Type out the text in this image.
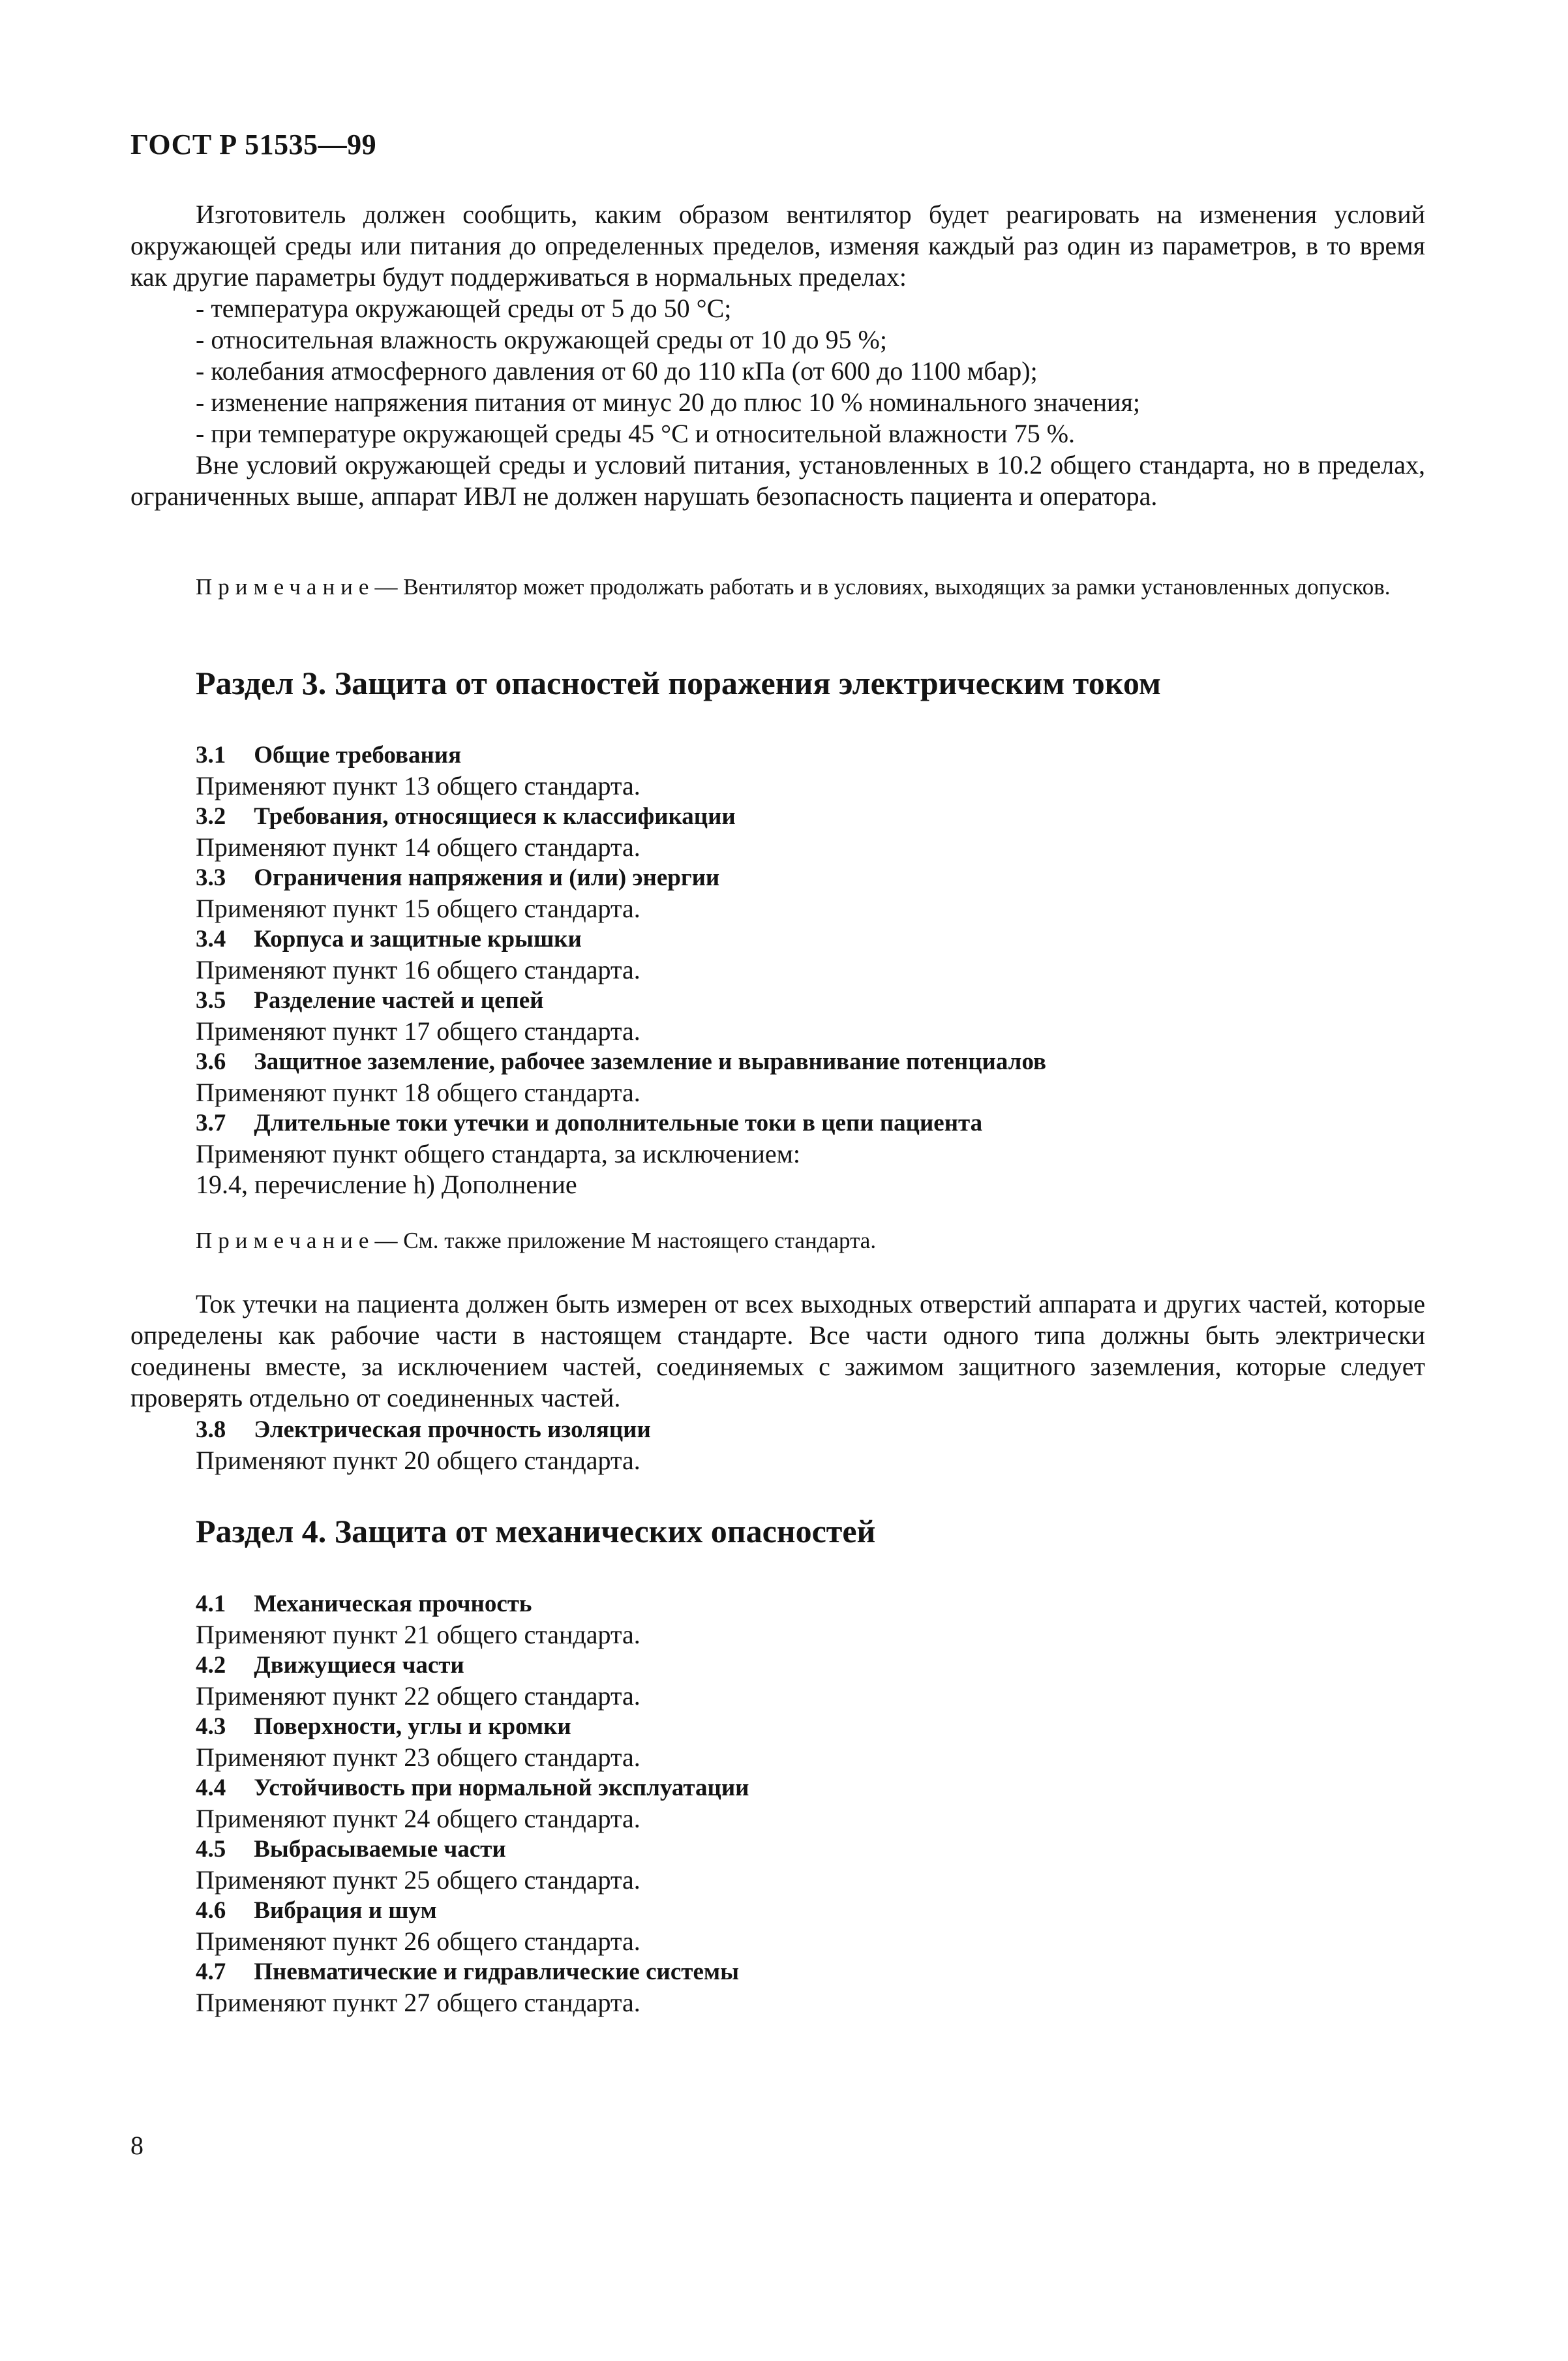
ГОСТ Р 51535—99

Изготовитель должен сообщить, каким образом вентилятор будет реагировать на изменения условий окружающей среды или питания до определенных пределов, изменяя каждый раз один из параметров, в то время как другие параметры будут поддерживаться в нормальных пределах:

- температура окружающей среды от 5 до 50 °С;

- относительная влажность окружающей среды от 10 до 95 %;

- колебания атмосферного давления от 60 до 110 кПа (от 600 до 1100 мбар);

- изменение напряжения питания от минус 20 до плюс 10 % номинального значения;

- при температуре окружающей среды 45 °С и относительной влажности 75 %.

Вне условий окружающей среды и условий питания, установленных в 10.2 общего стандарта, но в пределах, ограниченных выше, аппарат ИВЛ не должен нарушать безопасность пациента и оператора.

Примечание— Вентилятор может продолжать работать и в условиях, выходящих за рамки установленных допусков.
Раздел 3. Защита от опасностей поражения электрическим током
3.1 Общие требования
Применяют пункт 13 общего стандарта.
3.2 Требования, относящиеся к классификации
Применяют пункт 14 общего стандарта.
3.3 Ограничения напряжения и (или) энергии
Применяют пункт 15 общего стандарта.
3.4 Корпуса и защитные крышки
Применяют пункт 16 общего стандарта.
3.5 Разделение частей и цепей
Применяют пункт 17 общего стандарта.
3.6 Защитное заземление, рабочее заземление и выравнивание потенциалов
Применяют пункт 18 общего стандарта.
3.7 Длительные токи утечки и дополнительные токи в цепи пациента
Применяют пункт общего стандарта, за исключением:
19.4, перечисление h) Дополнение
Примечание— См. также приложение М настоящего стандарта.

Ток утечки на пациента должен быть измерен от всех выходных отверстий аппарата и других частей, которые определены как рабочие части в настоящем стандарте. Все части одного типа должны быть электрически соединены вместе, за исключением частей, соединяемых с зажимом защитного заземления, которые следует проверять отдельно от соединенных частей.

3.8 Электрическая прочность изоляции
Применяют пункт 20 общего стандарта.
Раздел 4. Защита от механических опасностей
4.1 Механическая прочность
Применяют пункт 21 общего стандарта.
4.2 Движущиеся части
Применяют пункт 22 общего стандарта.
4.3 Поверхности, углы и кромки
Применяют пункт 23 общего стандарта.
4.4 Устойчивость при нормальной эксплуатации
Применяют пункт 24 общего стандарта.
4.5 Выбрасываемые части
Применяют пункт 25 общего стандарта.
4.6 Вибрация и шум
Применяют пункт 26 общего стандарта.
4.7 Пневматические и гидравлические системы
Применяют пункт 27 общего стандарта.
8
